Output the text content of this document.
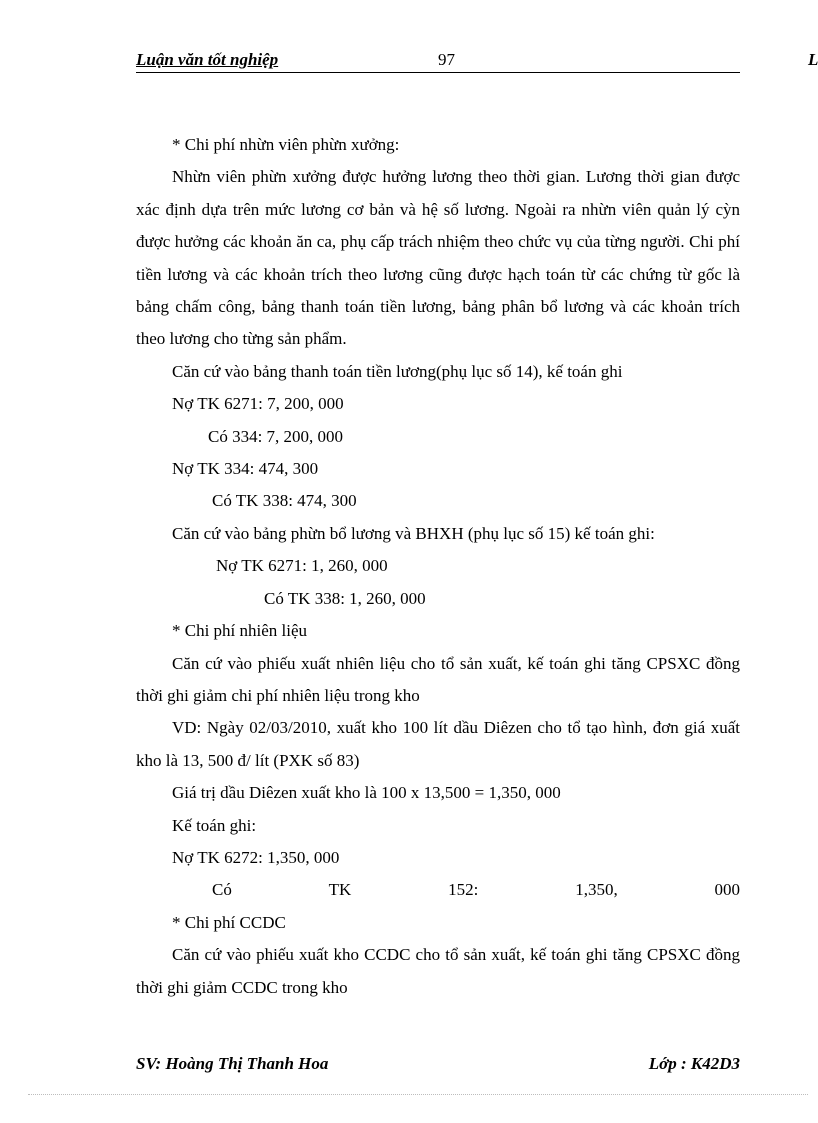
Luận văn tốt nghiệp	97	L

* Chi phí nhừn viên phừn xưởng:

Nhừn viên phừn xưởng được hưởng lương theo thời gian. Lương thời gian được xác định dựa trên mức lương cơ bản và hệ số lương. Ngoài ra nhừn viên quản lý cỳn được hưởng các khoản ăn ca, phụ cấp trách nhiệm theo chức vụ của từng người. Chi phí tiền lương và các khoản trích theo lương cũng được hạch toán từ các chứng từ gốc là bảng chấm công, bảng thanh toán tiền lương, bảng phân bổ lương và các khoản trích theo lương cho từng sản phẩm.

Căn cứ vào bảng thanh toán tiền lương(phụ lục số 14), kế toán ghi

Nợ TK 6271: 7, 200, 000

Có 334: 7, 200, 000

Nợ TK 334: 474, 300

Có TK 338: 474, 300

Căn cứ vào bảng phừn bổ lương và BHXH (phụ lục số 15) kế toán ghi:

Nợ TK 6271: 1, 260, 000

Có TK 338: 1, 260, 000

* Chi phí nhiên liệu

Căn cứ vào phiếu xuất nhiên liệu cho tổ sản xuất, kế toán ghi tăng CPSXC đồng thời ghi giảm chi phí nhiên liệu trong kho

VD: Ngày 02/03/2010, xuất kho 100 lít dầu Diêzen cho tổ tạo hình, đơn giá xuất kho là 13, 500 đ/ lít (PXK số 83)

Giá trị dầu Diêzen xuất kho là 100 x 13,500 = 1,350, 000

Kế toán ghi:

Nợ TK 6272: 1,350, 000

Có	TK	152:	1,350,	000

* Chi phí CCDC

Căn cứ vào phiếu xuất kho CCDC cho tổ sản xuất, kế toán ghi tăng CPSXC đồng thời ghi giảm CCDC trong kho

SV: Hoàng Thị Thanh Hoa	Lớp : K42D3
